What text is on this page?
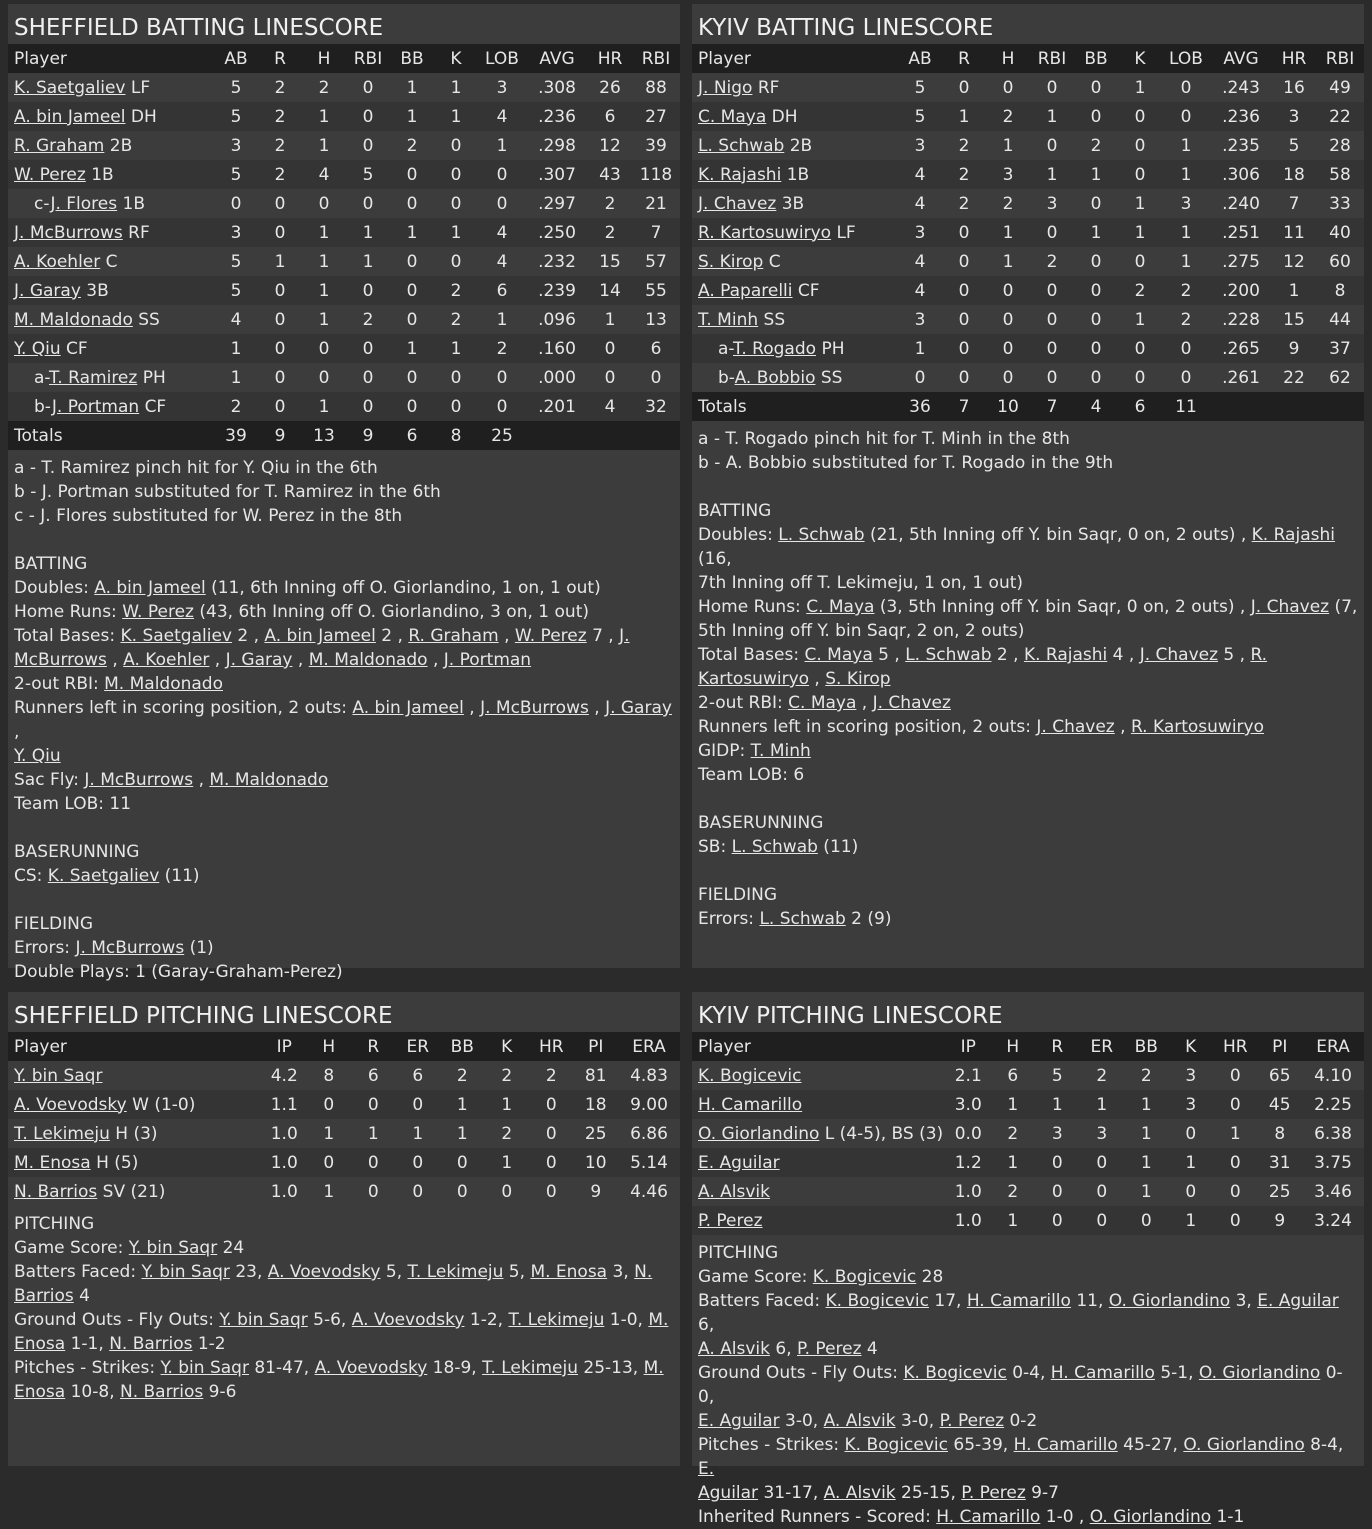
SHEFFIELD BATTING LINESCORE
Player	AB	R	H	RBI	BB	K	LOB	AVG	HR	RBI
K. Saetgaliev LF	5	2	2	0	1	1	3	.308	26	88
A. bin Jameel DH	5	2	1	0	1	1	4	.236	6	27
R. Graham 2B	3	2	1	0	2	0	1	.298	12	39
W. Perez 1B	5	2	4	5	0	0	0	.307	43	118
c-J. Flores 1B	0	0	0	0	0	0	0	.297	2	21
J. McBurrows RF	3	0	1	1	1	1	4	.250	2	7
A. Koehler C	5	1	1	1	0	0	4	.232	15	57
J. Garay 3B	5	0	1	0	0	2	6	.239	14	55
M. Maldonado SS	4	0	1	2	0	2	1	.096	1	13
Y. Qiu CF	1	0	0	0	1	1	2	.160	0	6
a-T. Ramirez PH	1	0	0	0	0	0	0	.000	0	0
b-J. Portman CF	2	0	1	0	0	0	0	.201	4	32
Totals	39	9	13	9	6	8	25			
a - T. Ramirez pinch hit for Y. Qiu in the 6th
b - J. Portman substituted for T. Ramirez in the 6th
c - J. Flores substituted for W. Perez in the 8th
BATTING
Doubles: A. bin Jameel (11, 6th Inning off O. Giorlandino, 1 on, 1 out)
Home Runs: W. Perez (43, 6th Inning off O. Giorlandino, 3 on, 1 out)
Total Bases: K. Saetgaliev 2 , A. bin Jameel 2 , R. Graham , W. Perez 7 , J.
McBurrows , A. Koehler , J. Garay , M. Maldonado , J. Portman
2-out RBI: M. Maldonado
Runners left in scoring position, 2 outs: A. bin Jameel , J. McBurrows , J. Garay ,
Y. Qiu
Sac Fly: J. McBurrows , M. Maldonado
Team LOB: 11
BASERUNNING
CS: K. Saetgaliev (11)
FIELDING
Errors: J. McBurrows (1)
Double Plays: 1 (Garay-Graham-Perez)
KYIV BATTING LINESCORE
Player	AB	R	H	RBI	BB	K	LOB	AVG	HR	RBI
J. Nigo RF	5	0	0	0	0	1	0	.243	16	49
C. Maya DH	5	1	2	1	0	0	0	.236	3	22
L. Schwab 2B	3	2	1	0	2	0	1	.235	5	28
K. Rajashi 1B	4	2	3	1	1	0	1	.306	18	58
J. Chavez 3B	4	2	2	3	0	1	3	.240	7	33
R. Kartosuwiryo LF	3	0	1	0	1	1	1	.251	11	40
S. Kirop C	4	0	1	2	0	0	1	.275	12	60
A. Paparelli CF	4	0	0	0	0	2	2	.200	1	8
T. Minh SS	3	0	0	0	0	1	2	.228	15	44
a-T. Rogado PH	1	0	0	0	0	0	0	.265	9	37
b-A. Bobbio SS	0	0	0	0	0	0	0	.261	22	62
Totals	36	7	10	7	4	6	11			
a - T. Rogado pinch hit for T. Minh in the 8th
b - A. Bobbio substituted for T. Rogado in the 9th
BATTING
Doubles: L. Schwab (21, 5th Inning off Y. bin Saqr, 0 on, 2 outs) , K. Rajashi (16,
7th Inning off T. Lekimeju, 1 on, 1 out)
Home Runs: C. Maya (3, 5th Inning off Y. bin Saqr, 0 on, 2 outs) , J. Chavez (7,
5th Inning off Y. bin Saqr, 2 on, 2 outs)
Total Bases: C. Maya 5 , L. Schwab 2 , K. Rajashi 4 , J. Chavez 5 , R.
Kartosuwiryo , S. Kirop
2-out RBI: C. Maya , J. Chavez
Runners left in scoring position, 2 outs: J. Chavez , R. Kartosuwiryo
GIDP: T. Minh
Team LOB: 6
BASERUNNING
SB: L. Schwab (11)
FIELDING
Errors: L. Schwab 2 (9)
SHEFFIELD PITCHING LINESCORE
Player	IP	H	R	ER	BB	K	HR	PI	ERA
Y. bin Saqr	4.2	8	6	6	2	2	2	81	4.83
A. Voevodsky W (1-0)	1.1	0	0	0	1	1	0	18	9.00
T. Lekimeju H (3)	1.0	1	1	1	1	2	0	25	6.86
M. Enosa H (5)	1.0	0	0	0	0	1	0	10	5.14
N. Barrios SV (21)	1.0	1	0	0	0	0	0	9	4.46
PITCHING
Game Score: Y. bin Saqr 24
Batters Faced: Y. bin Saqr 23, A. Voevodsky 5, T. Lekimeju 5, M. Enosa 3, N.
Barrios 4
Ground Outs - Fly Outs: Y. bin Saqr 5-6, A. Voevodsky 1-2, T. Lekimeju 1-0, M.
Enosa 1-1, N. Barrios 1-2
Pitches - Strikes: Y. bin Saqr 81-47, A. Voevodsky 18-9, T. Lekimeju 25-13, M.
Enosa 10-8, N. Barrios 9-6
KYIV PITCHING LINESCORE
Player	IP	H	R	ER	BB	K	HR	PI	ERA
K. Bogicevic	2.1	6	5	2	2	3	0	65	4.10
H. Camarillo	3.0	1	1	1	1	3	0	45	2.25
O. Giorlandino L (4-5), BS (3)	0.0	2	3	3	1	0	1	8	6.38
E. Aguilar	1.2	1	0	0	1	1	0	31	3.75
A. Alsvik	1.0	2	0	0	1	0	0	25	3.46
P. Perez	1.0	1	0	0	0	1	0	9	3.24
PITCHING
Game Score: K. Bogicevic 28
Batters Faced: K. Bogicevic 17, H. Camarillo 11, O. Giorlandino 3, E. Aguilar 6,
A. Alsvik 6, P. Perez 4
Ground Outs - Fly Outs: K. Bogicevic 0-4, H. Camarillo 5-1, O. Giorlandino 0-0,
E. Aguilar 3-0, A. Alsvik 3-0, P. Perez 0-2
Pitches - Strikes: K. Bogicevic 65-39, H. Camarillo 45-27, O. Giorlandino 8-4, E.
Aguilar 31-17, A. Alsvik 25-15, P. Perez 9-7
Inherited Runners - Scored: H. Camarillo 1-0 , O. Giorlandino 1-1
